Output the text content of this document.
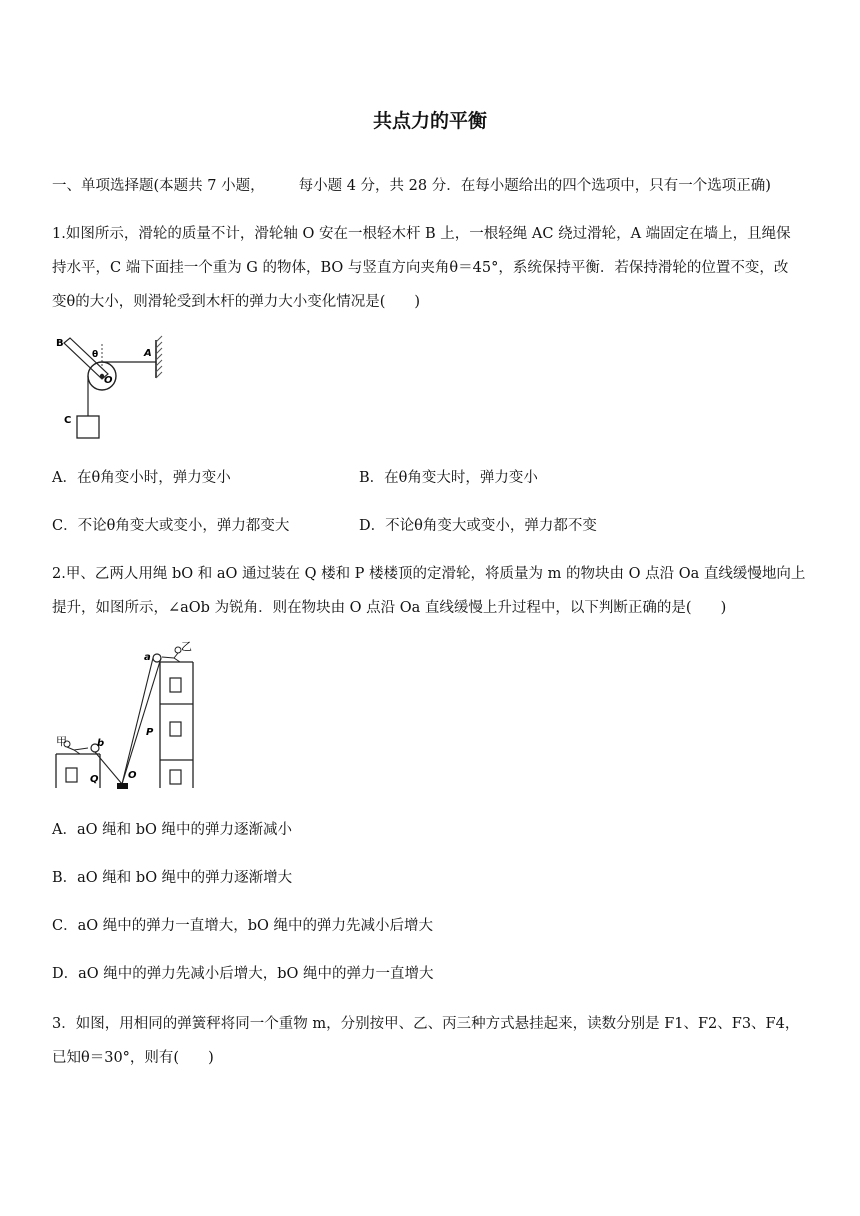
共点力的平衡
一、单项选择题(本题共 7 小题， 每小题 4 分，共 28 分．在每小题给出的四个选项中，只有一个选项正确)
1.如图所示，滑轮的质量不计，滑轮轴 O 安在一根轻木杆 B 上，一根轻绳 AC 绕过滑轮，A 端固定在墙上，且绳保
持水平，C 端下面挂一个重为 G 的物体，BO 与竖直方向夹角θ＝45°，系统保持平衡．若保持滑轮的位置不变，改
变θ的大小，则滑轮受到木杆的弹力大小变化情况是(　　)
B
θ	A
O
C
A．在θ角变小时，弹力变小	B．在θ角变大时，弹力变小
C．不论θ角变大或变小，弹力都变大	D．不论θ角变大或变小，弹力都不变
2.甲、乙两人用绳 bO 和 aO 通过装在 Q 楼和 P 楼楼顶的定滑轮，将质量为 m 的物块由 O 点沿 Oa 直线缓慢地向上
提升，如图所示，∠aOb 为锐角．则在物块由 O 点沿 Oa 直线缓慢上升过程中，以下判断正确的是(　　)
甲	b
Q	O
a
乙
P
A．aO 绳和 bO 绳中的弹力逐渐减小
B．aO 绳和 bO 绳中的弹力逐渐增大
C．aO 绳中的弹力一直增大，bO 绳中的弹力先减小后增大
D．aO 绳中的弹力先减小后增大，bO 绳中的弹力一直增大
3．如图，用相同的弹簧秤将同一个重物 m，分别按甲、乙、丙三种方式悬挂起来，读数分别是 F1、F2、F3、F4，
已知θ＝30°，则有(　　)
